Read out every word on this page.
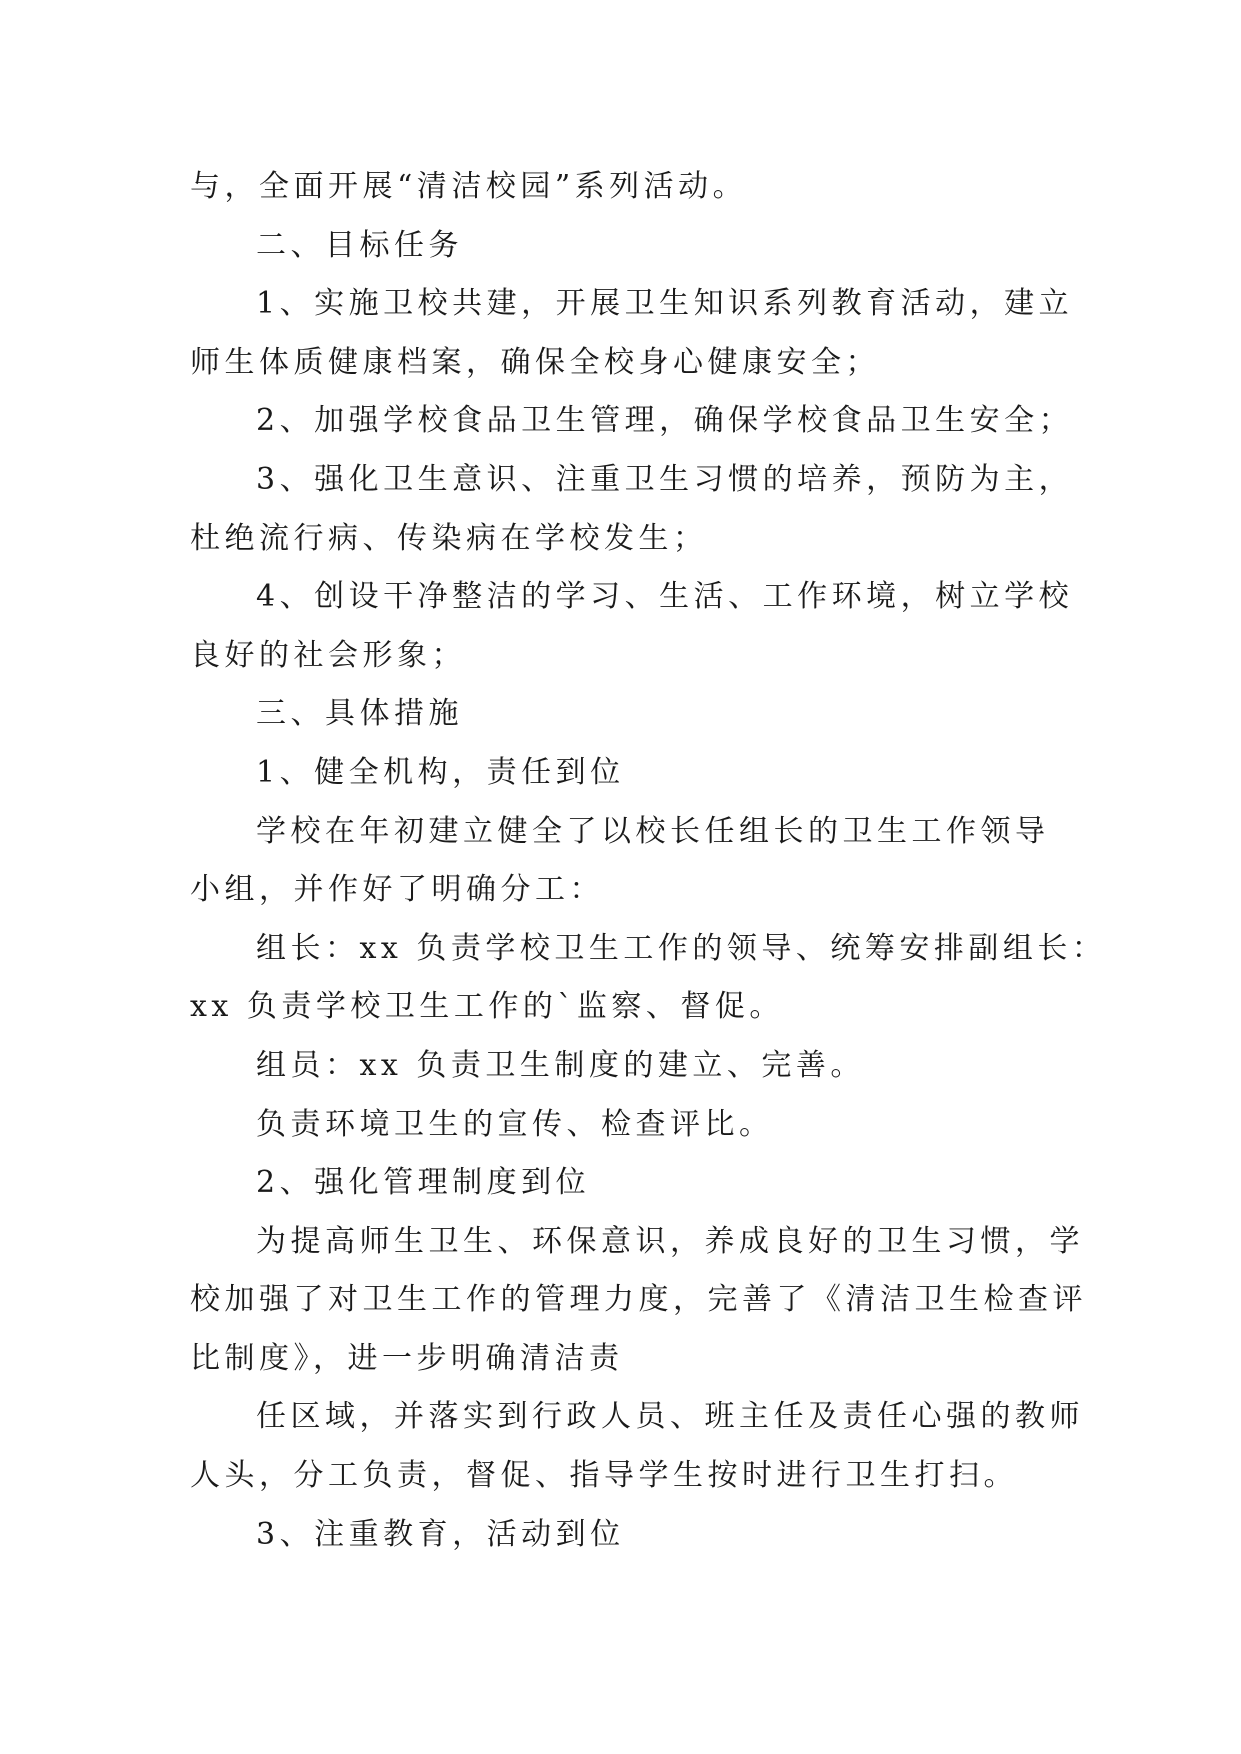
与，全面开展“清洁校园”系列活动。
二、目标任务
1、实施卫校共建，开展卫生知识系列教育活动，建立
师生体质健康档案，确保全校身心健康安全；
2、加强学校食品卫生管理，确保学校食品卫生安全；
3、强化卫生意识、注重卫生习惯的培养，预防为主，
杜绝流行病、传染病在学校发生；
4、创设干净整洁的学习、生活、工作环境，树立学校
良好的社会形象；
三、具体措施
1、健全机构，责任到位
学校在年初建立健全了以校长任组长的卫生工作领导
小组，并作好了明确分工：
组长：xx 负责学校卫生工作的领导、统筹安排副组长：
xx 负责学校卫生工作的`监察、督促。
组员：xx 负责卫生制度的建立、完善。
负责环境卫生的宣传、检查评比。
2、强化管理制度到位
为提高师生卫生、环保意识，养成良好的卫生习惯，学
校加强了对卫生工作的管理力度，完善了《清洁卫生检查评
比制度》，进一步明确清洁责
任区域，并落实到行政人员、班主任及责任心强的教师
人头，分工负责，督促、指导学生按时进行卫生打扫。
3、注重教育，活动到位
